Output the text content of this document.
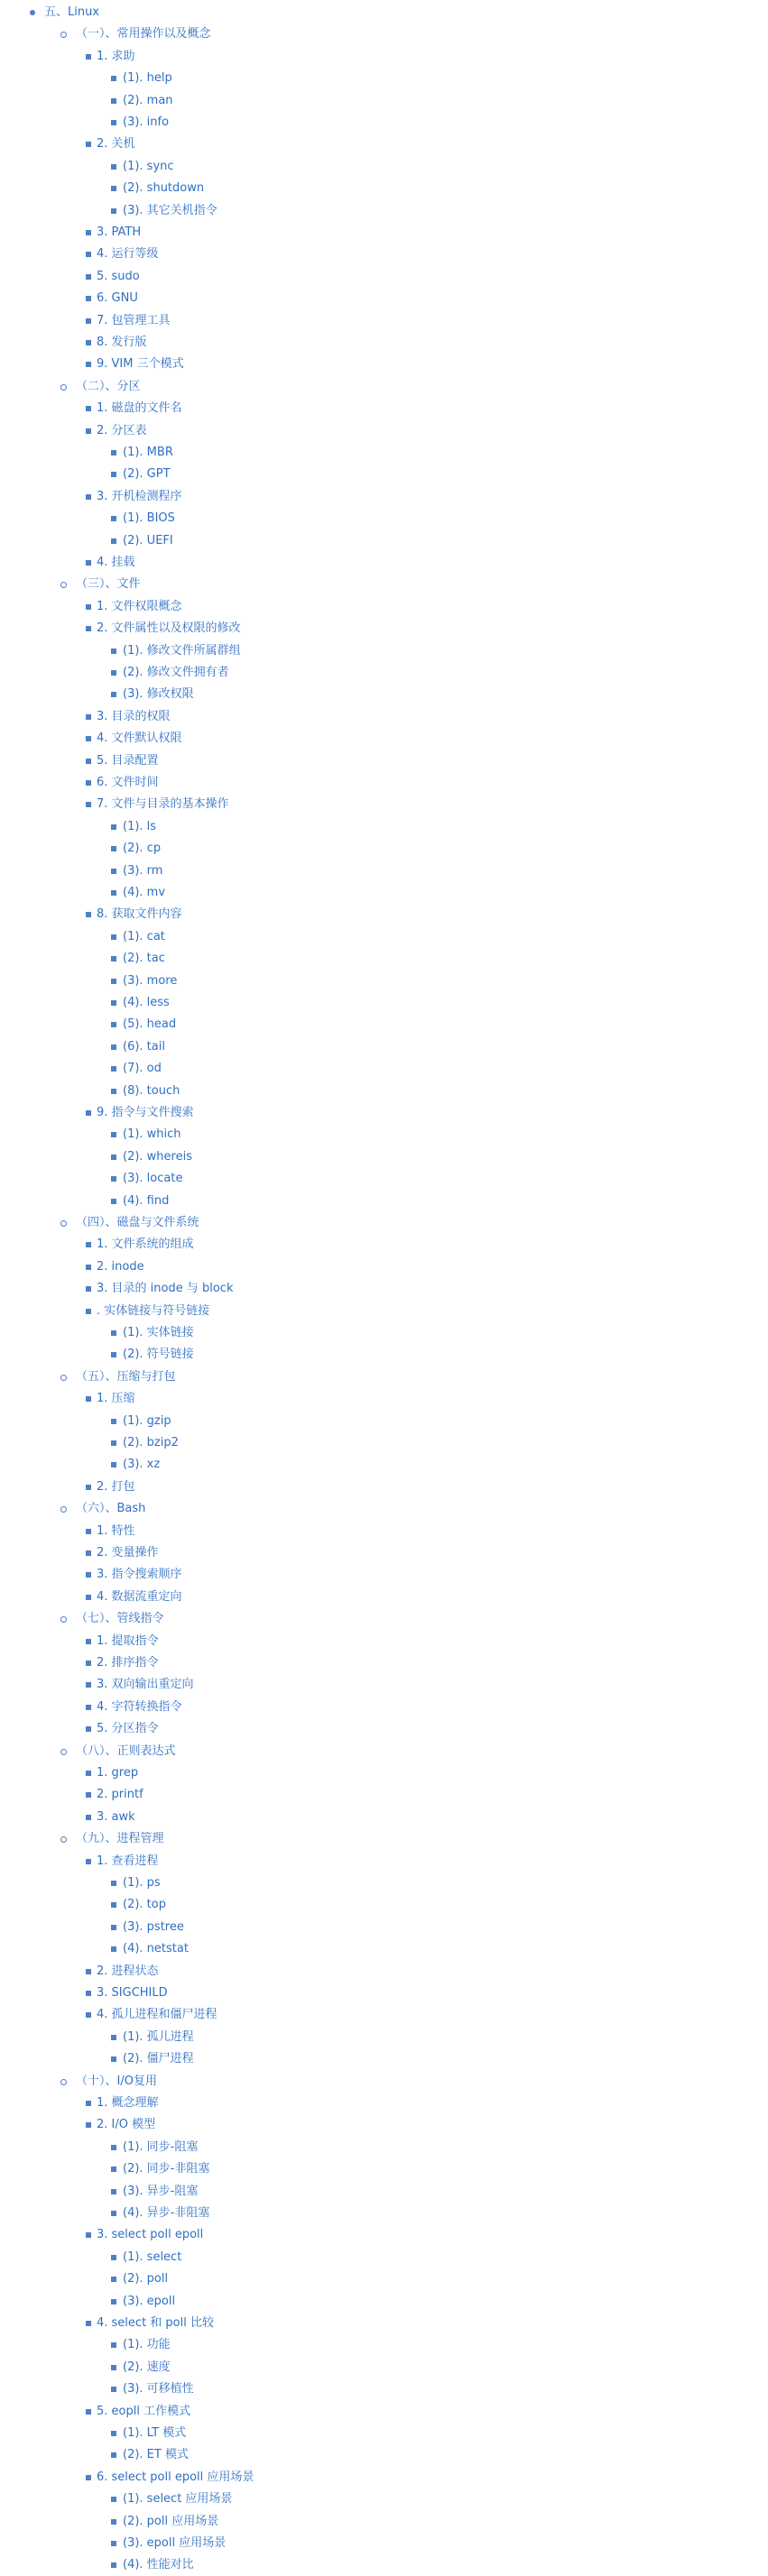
五、Linux
（一）、常用操作以及概念
1. 求助
(1). help
(2). man
(3). info
2. 关机
(1). sync
(2). shutdown
(3). 其它关机指令
3. PATH
4. 运行等级
5. sudo
6. GNU
7. 包管理工具
8. 发行版
9. VIM 三个模式
（二）、分区
1. 磁盘的文件名
2. 分区表
(1). MBR
(2). GPT
3. 开机检测程序
(1). BIOS
(2). UEFI
4. 挂载
（三）、文件
1. 文件权限概念
2. 文件属性以及权限的修改
(1). 修改文件所属群组
(2). 修改文件拥有者
(3). 修改权限
3. 目录的权限
4. 文件默认权限
5. 目录配置
6. 文件时间
7. 文件与目录的基本操作
(1). ls
(2). cp
(3). rm
(4). mv
8. 获取文件内容
(1). cat
(2). tac
(3). more
(4). less
(5). head
(6). tail
(7). od
(8). touch
9. 指令与文件搜索
(1). which
(2). whereis
(3). locate
(4). find
（四）、磁盘与文件系统
1. 文件系统的组成
2. inode
3. 目录的 inode 与 block
. 实体链接与符号链接
(1). 实体链接
(2). 符号链接
（五）、压缩与打包
1. 压缩
(1). gzip
(2). bzip2
(3). xz
2. 打包
（六）、Bash
1. 特性
2. 变量操作
3. 指令搜索顺序
4. 数据流重定向
（七）、管线指令
1. 提取指令
2. 排序指令
3. 双向输出重定向
4. 字符转换指令
5. 分区指令
（八）、正则表达式
1. grep
2. printf
3. awk
（九）、进程管理
1. 查看进程
(1). ps
(2). top
(3). pstree
(4). netstat
2. 进程状态
3. SIGCHILD
4. 孤儿进程和僵尸进程
(1). 孤儿进程
(2). 僵尸进程
（十）、I/O复用
1. 概念理解
2. I/O 模型
(1). 同步-阻塞
(2). 同步-非阻塞
(3). 异步-阻塞
(4). 异步-非阻塞
3. select poll epoll
(1). select
(2). poll
(3). epoll
4. select 和 poll 比较
(1). 功能
(2). 速度
(3). 可移植性
5. eopll 工作模式
(1). LT 模式
(2). ET 模式
6. select poll epoll 应用场景
(1). select 应用场景
(2). poll 应用场景
(3). epoll 应用场景
(4). 性能对比
